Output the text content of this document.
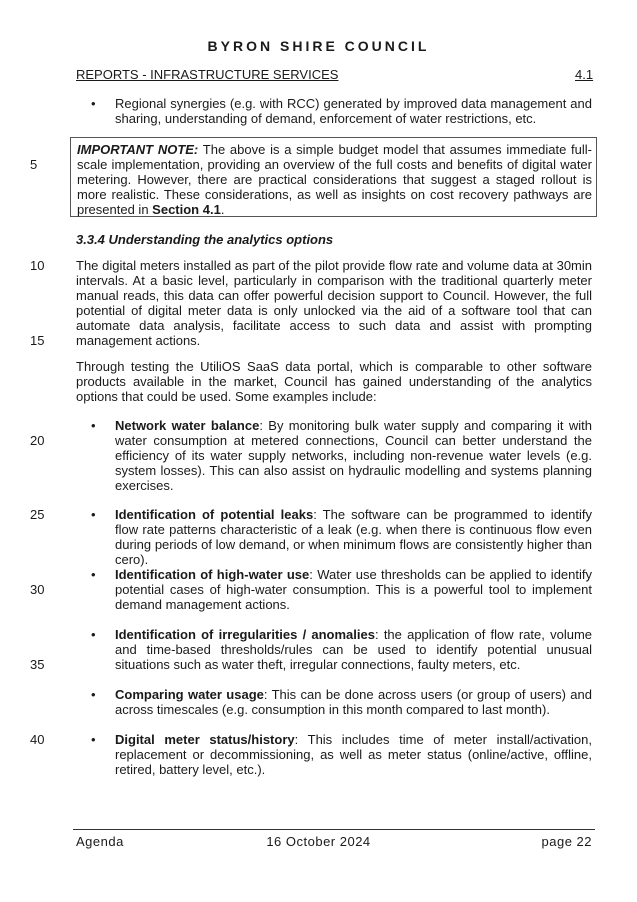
BYRON SHIRE COUNCIL
REPORTS - INFRASTRUCTURE SERVICES	4.1
• Regional synergies (e.g. with RCC) generated by improved data management and sharing, understanding of demand, enforcement of water restrictions, etc.
IMPORTANT NOTE: The above is a simple budget model that assumes immediate full-scale implementation, providing an overview of the full costs and benefits of digital water metering. However, there are practical considerations that suggest a staged rollout is more realistic. These considerations, as well as insights on cost recovery pathways are presented in Section 4.1.
3.3.4 Understanding the analytics options
The digital meters installed as part of the pilot provide flow rate and volume data at 30min intervals. At a basic level, particularly in comparison with the traditional quarterly meter manual reads, this data can offer powerful decision support to Council. However, the full potential of digital meter data is only unlocked via the aid of a software tool that can automate data analysis, facilitate access to such data and assist with prompting management actions.
Through testing the UtiliOS SaaS data portal, which is comparable to other software products available in the market, Council has gained understanding of the analytics options that could be used. Some examples include:
• Network water balance: By monitoring bulk water supply and comparing it with water consumption at metered connections, Council can better understand the efficiency of its water supply networks, including non-revenue water levels (e.g. system losses). This can also assist on hydraulic modelling and systems planning exercises.
• Identification of potential leaks: The software can be programmed to identify flow rate patterns characteristic of a leak (e.g. when there is continuous flow even during periods of low demand, or when minimum flows are consistently higher than cero).
• Identification of high-water use: Water use thresholds can be applied to identify potential cases of high-water consumption. This is a powerful tool to implement demand management actions.
• Identification of irregularities / anomalies: the application of flow rate, volume and time-based thresholds/rules can be used to identify potential unusual situations such as water theft, irregular connections, faulty meters, etc.
• Comparing water usage: This can be done across users (or group of users) and across timescales (e.g. consumption in this month compared to last month).
• Digital meter status/history: This includes time of meter install/activation, replacement or decommissioning, as well as meter status (online/active, offline, retired, battery level, etc.).
5
10
15
20
25
30
35
40
Agenda	16 October 2024	page 22
